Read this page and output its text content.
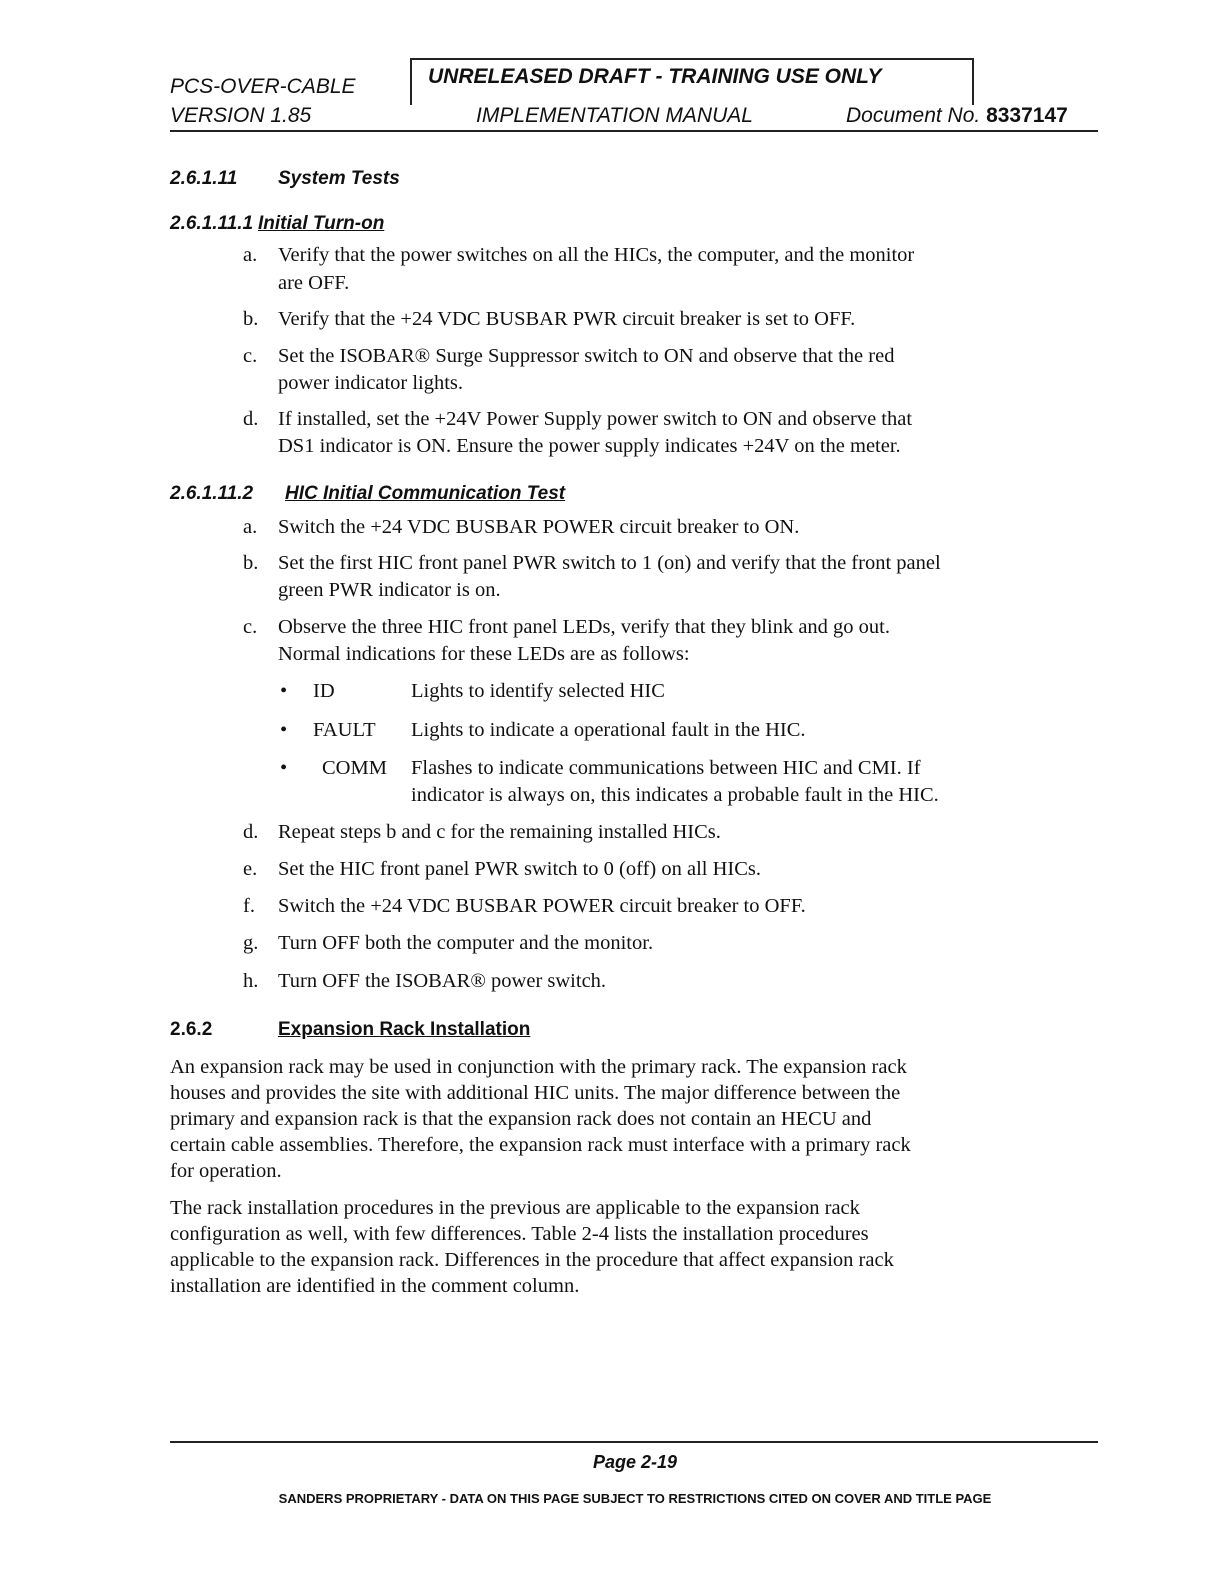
PCS-OVER-CABLE
VERSION 1.85
UNRELEASED DRAFT - TRAINING USE ONLY
IMPLEMENTATION MANUAL	Document No. 8337147
2.6.1.11 System Tests
Initial Turn-on
2.6.1.11.1
a. Verify that the power switches on all the HICs, the computer, and the monitor
are OFF.
b. Verify that the +24 VDC BUSBAR PWR circuit breaker is set to OFF.
c. Set the ISOBAR® Surge Suppressor switch to ON and observe that the red
power indicator lights.
d. If installed, set the +24V Power Supply power switch to ON and observe that
DS1 indicator is ON. Ensure the power supply indicates +24V on the meter.
2.6.1.11.2 HIC Initial Communication Test
a. Switch the +24 VDC BUSBAR POWER circuit breaker to ON.
b. Set the first HIC front panel PWR switch to 1 (on) and verify that the front panel
green PWR indicator is on.
c. Observe the three HIC front panel LEDs, verify that they blink and go out.
Normal indications for these LEDs are as follows:
d. Repeat steps b and c for the remaining installed HICs.
e. Set the HIC front panel PWR switch to 0 (off) on all HICs.
f. Switch the +24 VDC BUSBAR POWER circuit breaker to OFF.
g. Turn OFF both the computer and the monitor.
h. Turn OFF the ISOBAR® power switch.
• ID	Lights to identify selected HIC
• FAULT Lights to indicate a operational fault in the HIC.
• COMM Flashes to indicate communications between HIC and CMI. If
indicator is always on, this indicates a probable fault in the HIC.
2.6.2	Expansion Rack Installation
An expansion rack may be used in conjunction with the primary rack. The expansion rack
houses and provides the site with additional HIC units. The major difference between the
primary and expansion rack is that the expansion rack does not contain an HECU and
certain cable assemblies. Therefore, the expansion rack must interface with a primary rack
for operation.
The rack installation procedures in the previous are applicable to the expansion rack
configuration as well, with few differences. Table 2-4 lists the installation procedures
applicable to the expansion rack. Differences in the procedure that affect expansion rack
installation are identified in the comment column.
Page 2-19
SANDERS PROPRIETARY - DATA ON THIS PAGE SUBJECT TO RESTRICTIONS CITED ON COVER AND TITLE PAGE
